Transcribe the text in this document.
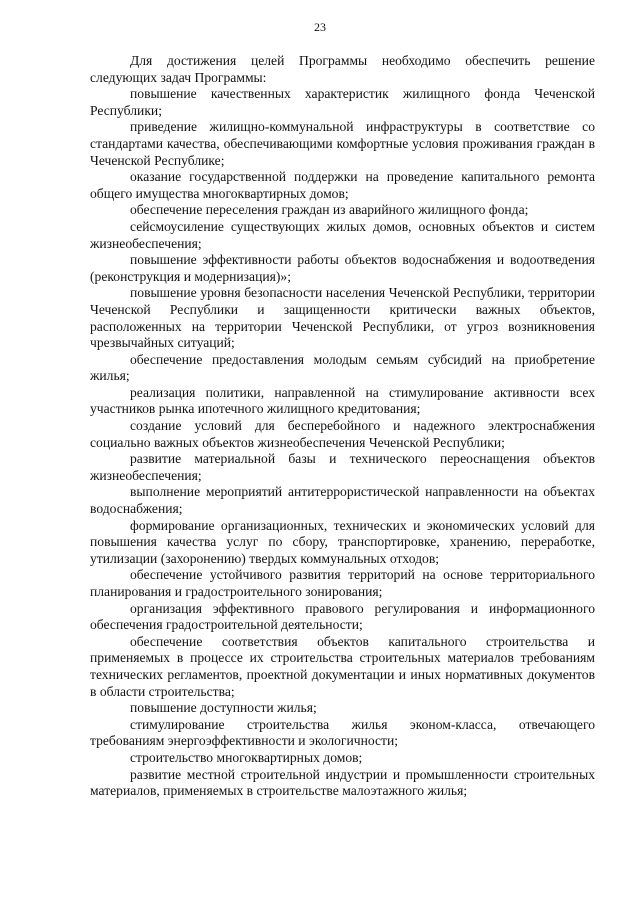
23

Для достижения целей Программы необходимо обеспечить решение следующих задач Программы:

повышение качественных характеристик жилищного фонда Чеченской Республики;

приведение жилищно-коммунальной инфраструктуры в соответствие со стандартами качества, обеспечивающими комфортные условия проживания граждан в Чеченской Республике;

оказание государственной поддержки на проведение капитального ремонта общего имущества многоквартирных домов;

обеспечение переселения граждан из аварийного жилищного фонда;

сейсмоусиление существующих жилых домов, основных объектов и систем жизнеобеспечения;

повышение эффективности работы объектов водоснабжения и водоотведения (реконструкция и модернизация)»;

повышение уровня безопасности населения Чеченской Республики, территории Чеченской Республики и защищенности критически важных объектов, расположенных на территории Чеченской Республики, от угроз возникновения чрезвычайных ситуаций;

обеспечение предоставления молодым семьям субсидий на приобретение жилья;

реализация политики, направленной на стимулирование активности всех участников рынка ипотечного жилищного кредитования;

создание условий для бесперебойного и надежного электроснабжения социально важных объектов жизнеобеспечения Чеченской Республики;

развитие материальной базы и технического переоснащения объектов жизнеобеспечения;

выполнение мероприятий антитеррористической направленности на объектах водоснабжения;

формирование организационных, технических и экономических условий для повышения качества услуг по сбору, транспортировке, хранению, переработке, утилизации (захоронению) твердых коммунальных отходов;

обеспечение устойчивого развития территорий на основе территориального планирования и градостроительного зонирования;

организация эффективного правового регулирования и информационного обеспечения градостроительной деятельности;

обеспечение соответствия объектов капитального строительства и применяемых в процессе их строительства строительных материалов требованиям технических регламентов, проектной документации и иных нормативных документов в области строительства;

повышение доступности жилья;

стимулирование строительства жилья эконом-класса, отвечающего требованиям энергоэффективности и экологичности;

строительство многоквартирных домов;

развитие местной строительной индустрии и промышленности строительных материалов, применяемых в строительстве малоэтажного жилья;
